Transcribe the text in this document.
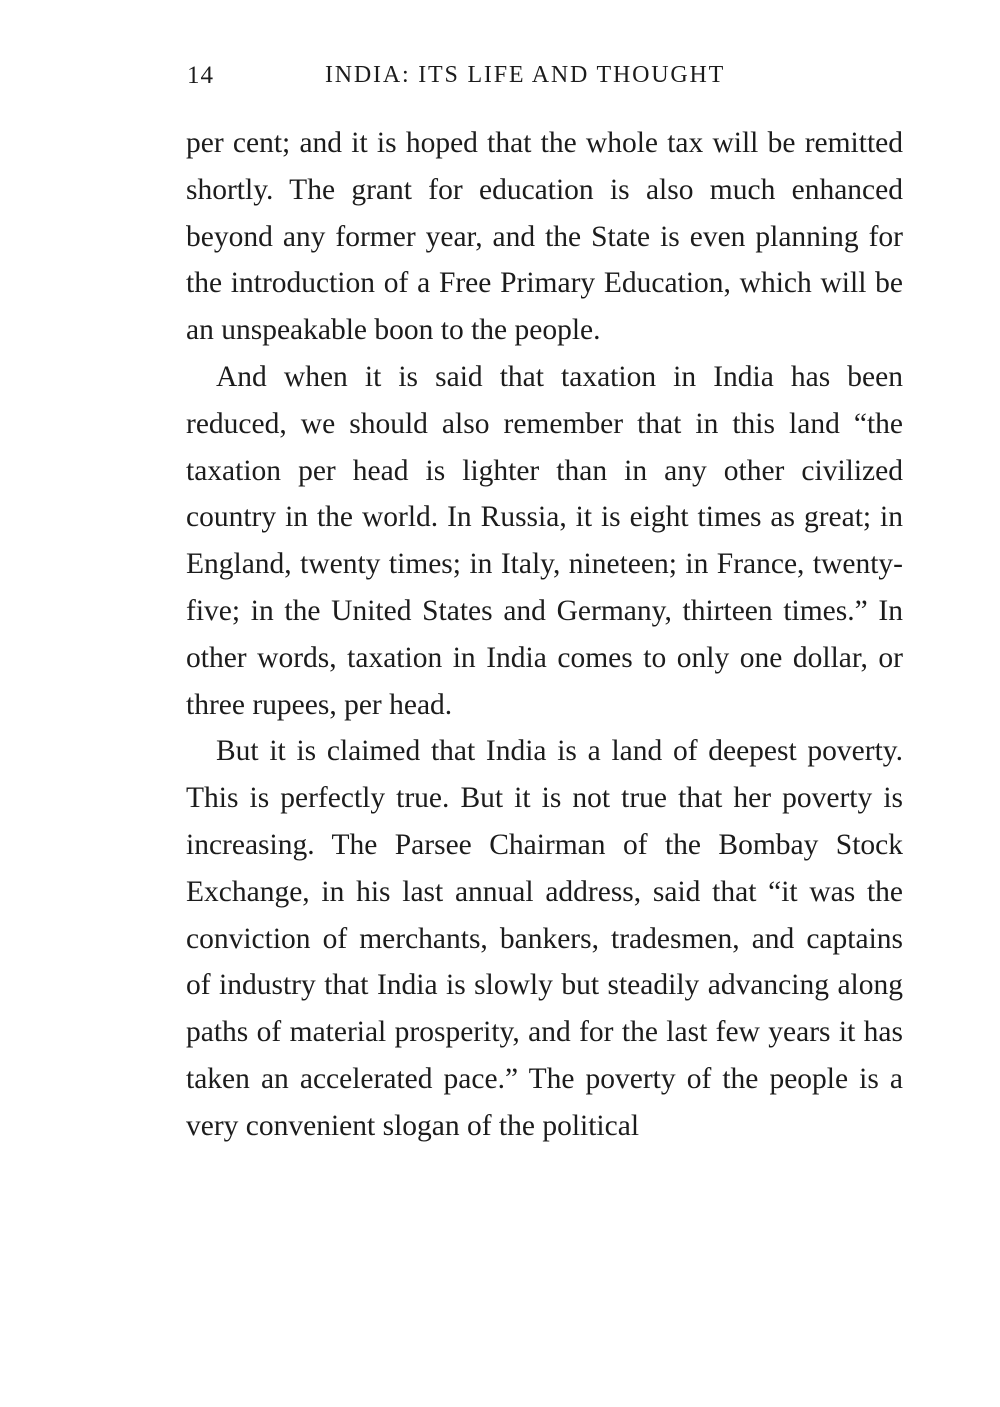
14	INDIA: ITS LIFE AND THOUGHT

per cent; and it is hoped that the whole tax will be remitted shortly. The grant for education is also much enhanced beyond any former year, and the State is even planning for the introduction of a Free Primary Education, which will be an unspeakable boon to the people.

And when it is said that taxation in India has been reduced, we should also remember that in this land “the taxation per head is lighter than in any other civilized country in the world. In Russia, it is eight times as great; in England, twenty times; in Italy, nineteen; in France, twenty-five; in the United States and Germany, thirteen times.” In other words, taxation in India comes to only one dollar, or three rupees, per head.

But it is claimed that India is a land of deepest poverty. This is perfectly true. But it is not true that her poverty is increasing. The Parsee Chairman of the Bombay Stock Exchange, in his last annual address, said that “it was the conviction of merchants, bankers, tradesmen, and captains of industry that India is slowly but steadily advancing along paths of material prosperity, and for the last few years it has taken an accelerated pace.” The poverty of the people is a very convenient slogan of the political
